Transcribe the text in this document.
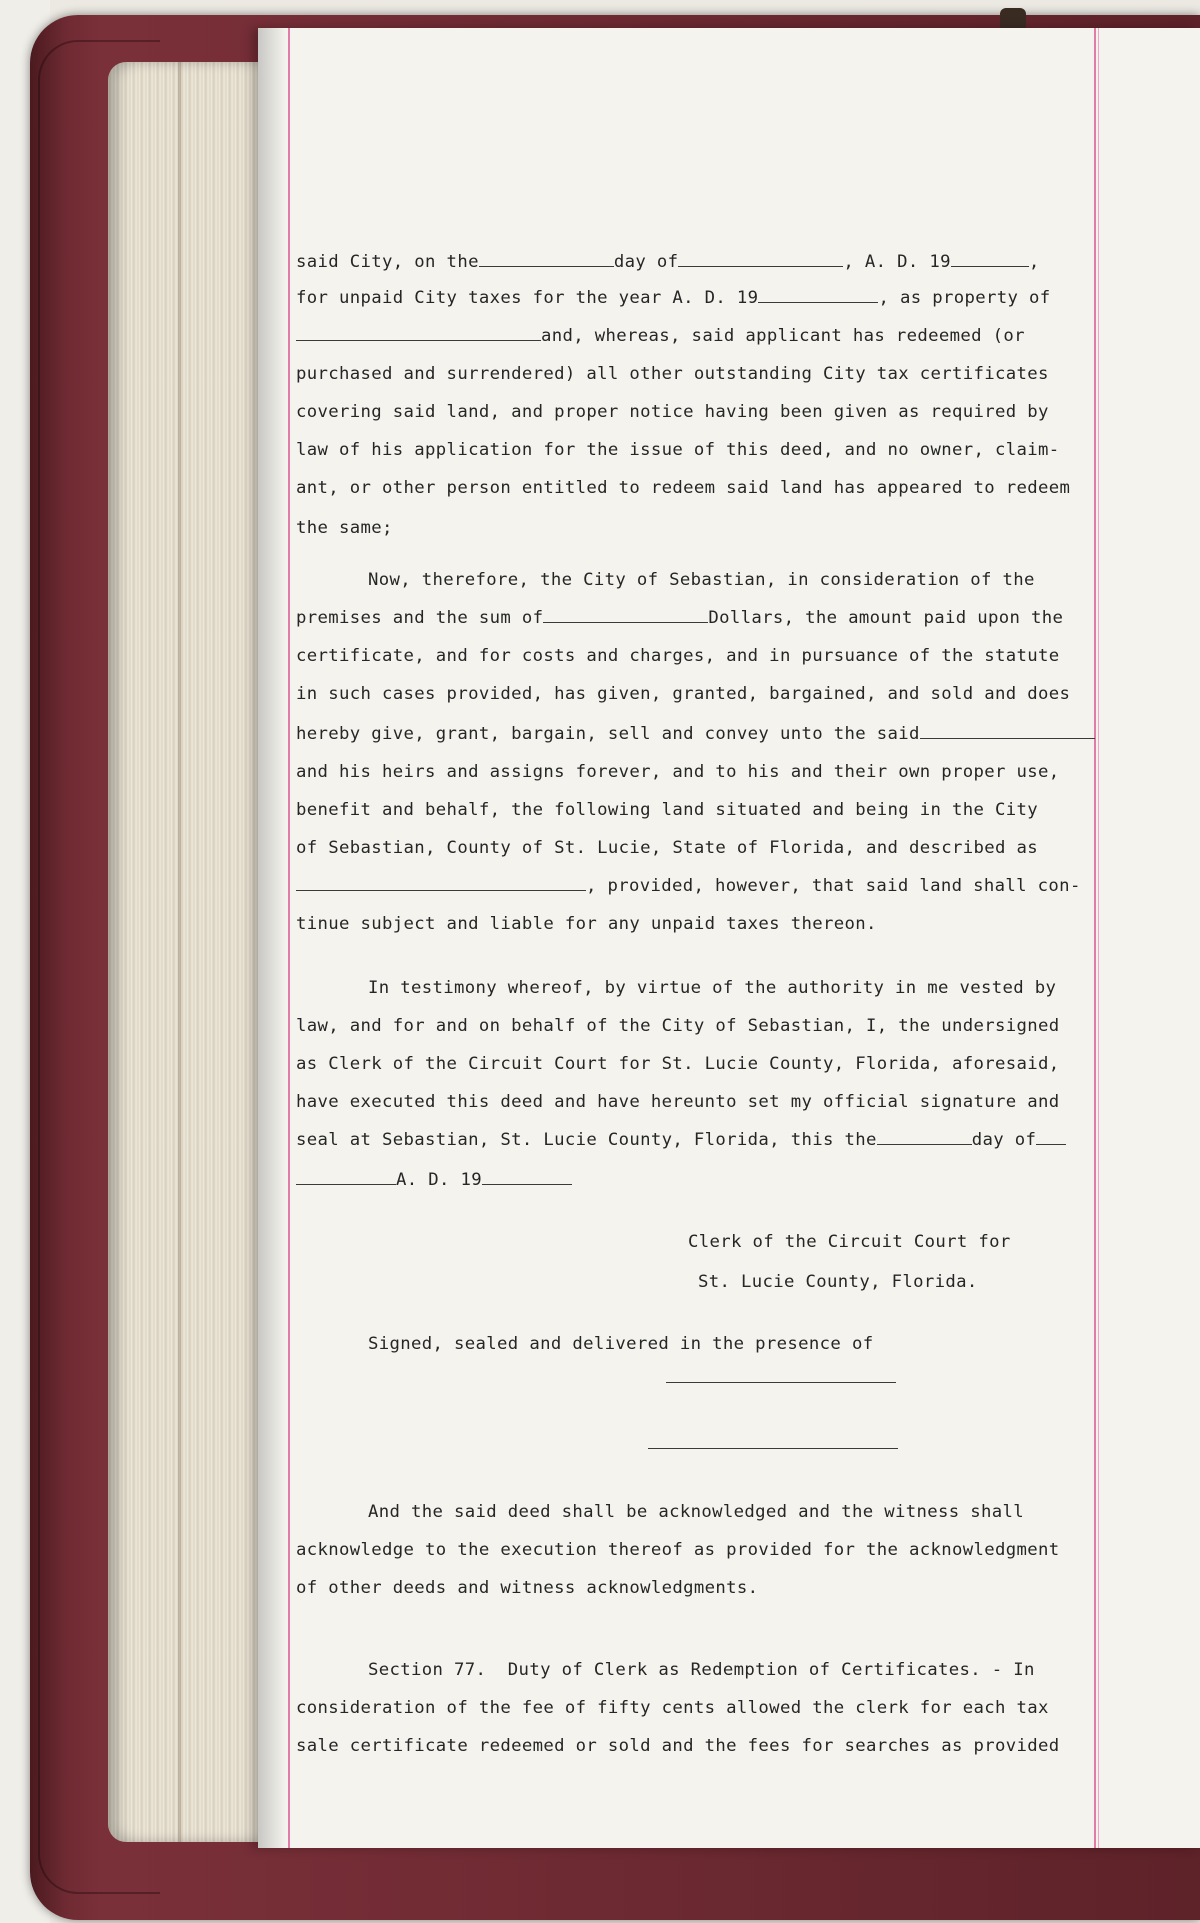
said City, on the	day of	, A. D. 19	,
for unpaid City taxes for the year A. D. 19	, as property of
and, whereas, said applicant has redeemed (or
purchased and surrendered) all other outstanding City tax certificates
covering said land, and proper notice having been given as required by
law of his application for the issue of this deed, and no owner, claim-
ant, or other person entitled to redeem said land has appeared to redeem
the same;
Now, therefore, the City of Sebastian, in consideration of the
premises and the sum of	Dollars, the amount paid upon the
certificate, and for costs and charges, and in pursuance of the statute
in such cases provided, has given, granted, bargained, and sold and does
hereby give, grant, bargain, sell and convey unto the said
and his heirs and assigns forever, and to his and their own proper use,
benefit and behalf, the following land situated and being in the City
of Sebastian, County of St. Lucie, State of Florida, and described as
, provided, however, that said land shall con-
tinue subject and liable for any unpaid taxes thereon.
In testimony whereof, by virtue of the authority in me vested by
law, and for and on behalf of the City of Sebastian, I, the undersigned
as Clerk of the Circuit Court for St. Lucie County, Florida, aforesaid,
have executed this deed and have hereunto set my official signature and
seal at Sebastian, St. Lucie County, Florida, this the	day of
A. D. 19
Clerk of the Circuit Court for
St. Lucie County, Florida.
Signed, sealed and delivered in the presence of
And the said deed shall be acknowledged and the witness shall
acknowledge to the execution thereof as provided for the acknowledgment
of other deeds and witness acknowledgments.
Section 77.  Duty of Clerk as Redemption of Certificates. - In
consideration of the fee of fifty cents allowed the clerk for each tax
sale certificate redeemed or sold and the fees for searches as provided
